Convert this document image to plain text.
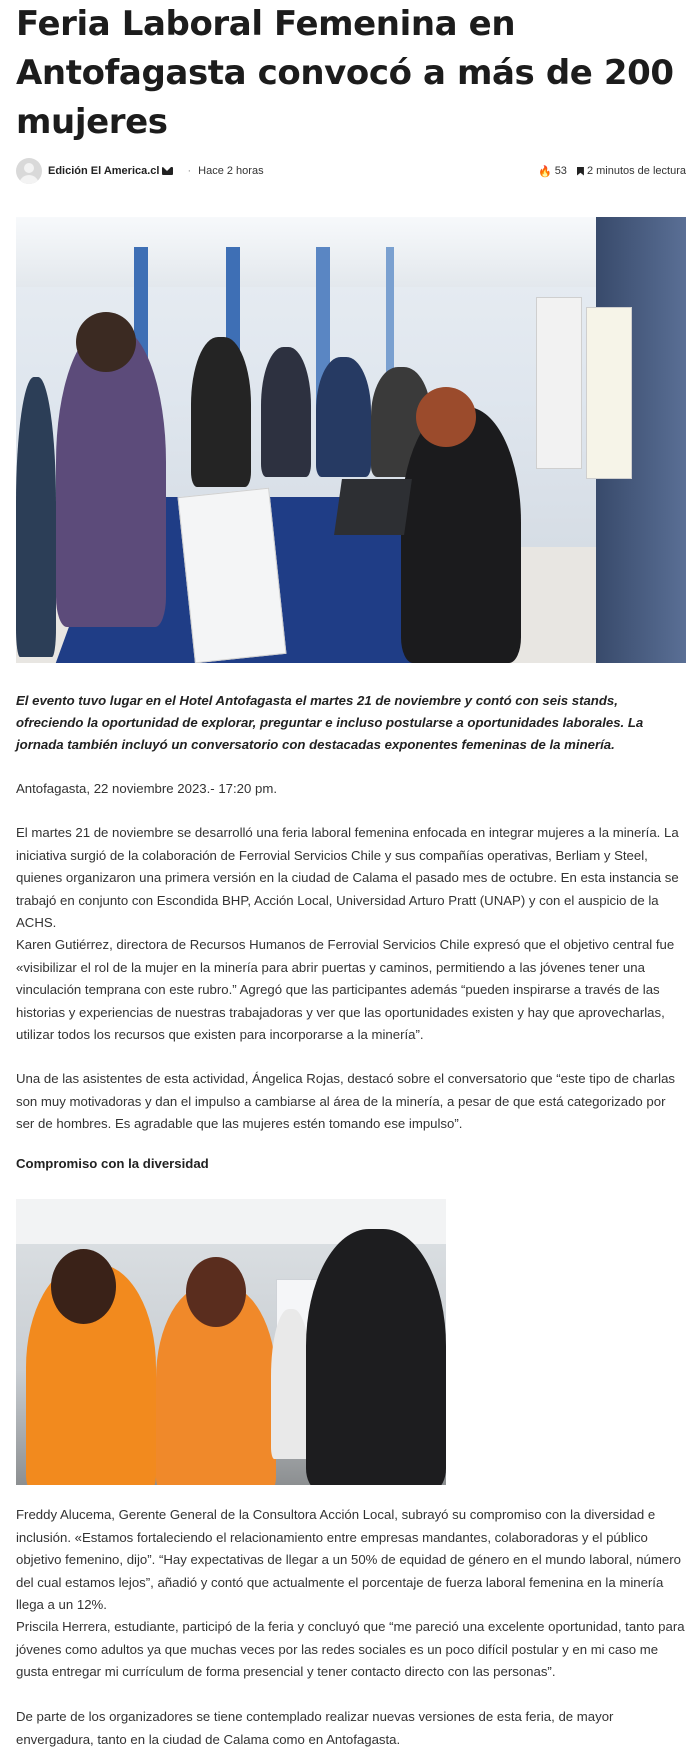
Feria Laboral Femenina en Antofagasta convocó a más de 200 mujeres
Edición El America.cl	· Hace 2 horas	🔥 53 2 minutos de lectura

El evento tuvo lugar en el Hotel Antofagasta el martes 21 de noviembre y contó con seis stands, ofreciendo la oportunidad de explorar, preguntar e incluso postularse a oportunidades laborales. La jornada también incluyó un conversatorio con destacadas exponentes femeninas de la minería.

Antofagasta, 22 noviembre 2023.- 17:20 pm.

El martes 21 de noviembre se desarrolló una feria laboral femenina enfocada en integrar mujeres a la minería. La iniciativa surgió de la colaboración de Ferrovial Servicios Chile y sus compañías operativas, Berliam y Steel, quienes organizaron una primera versión en la ciudad de Calama el pasado mes de octubre. En esta instancia se trabajó en conjunto con Escondida BHP, Acción Local, Universidad Arturo Pratt (UNAP) y con el auspicio de la ACHS.

Karen Gutiérrez, directora de Recursos Humanos de Ferrovial Servicios Chile expresó que el objetivo central fue «visibilizar el rol de la mujer en la minería para abrir puertas y caminos, permitiendo a las jóvenes tener una vinculación temprana con este rubro.” Agregó que las participantes además “pueden inspirarse a través de las historias y experiencias de nuestras trabajadoras y ver que las oportunidades existen y hay que aprovecharlas, utilizar todos los recursos que existen para incorporarse a la minería”.

Una de las asistentes de esta actividad, Ángelica Rojas, destacó sobre el conversatorio que “este tipo de charlas son muy motivadoras y dan el impulso a cambiarse al área de la minería, a pesar de que está categorizado por ser de hombres. Es agradable que las mujeres estén tomando ese impulso”.

Compromiso con la diversidad

Freddy Alucema, Gerente General de la Consultora Acción Local, subrayó su compromiso con la diversidad e inclusión. «Estamos fortaleciendo el relacionamiento entre empresas mandantes, colaboradoras y el público objetivo femenino, dijo”. “Hay expectativas de llegar a un 50% de equidad de género en el mundo laboral, número del cual estamos lejos”, añadió y contó que actualmente el porcentaje de fuerza laboral femenina en la minería llega a un 12%.

Priscila Herrera, estudiante, participó de la feria y concluyó que “me pareció una excelente oportunidad, tanto para jóvenes como adultos ya que muchas veces por las redes sociales es un poco difícil postular y en mi caso me gusta entregar mi currículum de forma presencial y tener contacto directo con las personas”.

De parte de los organizadores se tiene contemplado realizar nuevas versiones de esta feria, de mayor envergadura, tanto en la ciudad de Calama como en Antofagasta.
